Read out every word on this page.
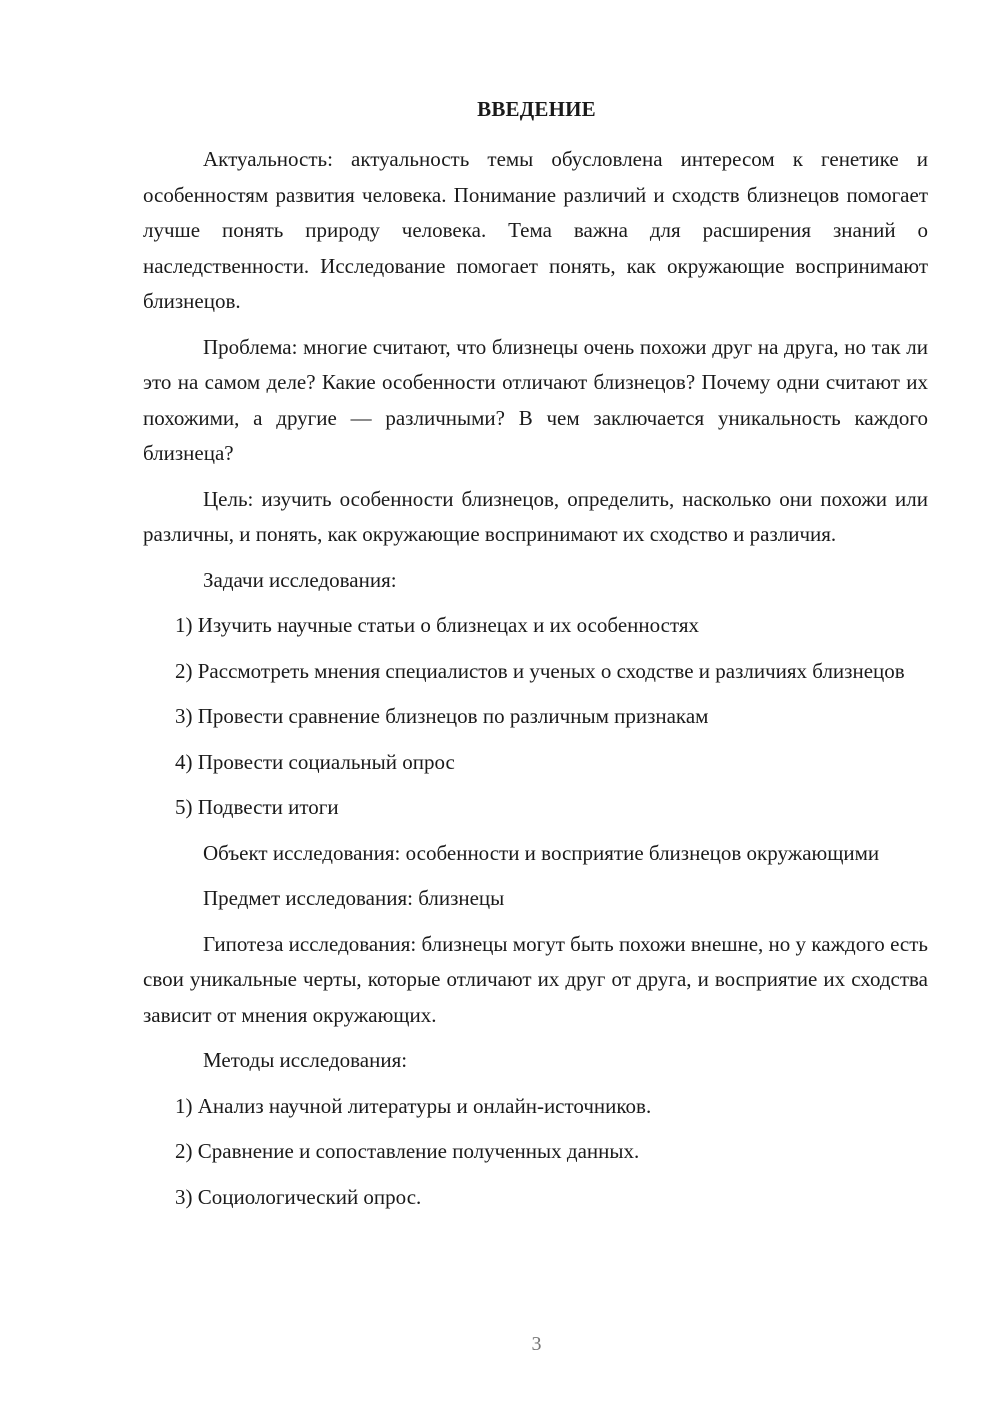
ВВЕДЕНИЕ

Актуальность: актуальность темы обусловлена интересом к генетике и особенностям развития человека. Понимание различий и сходств близнецов помогает лучше понять природу человека. Тема важна для расширения знаний о наследственности. Исследование помогает понять, как окружающие воспринимают близнецов.

Проблема: многие считают, что близнецы очень похожи друг на друга, но так ли это на самом деле? Какие особенности отличают близнецов? Почему одни считают их похожими, а другие — различными? В чем заключается уникальность каждого близнеца?

Цель: изучить особенности близнецов, определить, насколько они похожи или различны, и понять, как окружающие воспринимают их сходство и различия.

Задачи исследования:

1) Изучить научные статьи о близнецах и их особенностях

2) Рассмотреть мнения специалистов и ученых о сходстве и различиях близнецов

3) Провести сравнение близнецов по различным признакам

4) Провести социальный опрос

5) Подвести итоги

Объект исследования: особенности и восприятие близнецов окружающими

Предмет исследования: близнецы

Гипотеза исследования: близнецы могут быть похожи внешне, но у каждого есть свои уникальные черты, которые отличают их друг от друга, и восприятие их сходства зависит от мнения окружающих.

Методы исследования:

1) Анализ научной литературы и онлайн-источников.

2) Сравнение и сопоставление полученных данных.

3) Социологический опрос.

3
